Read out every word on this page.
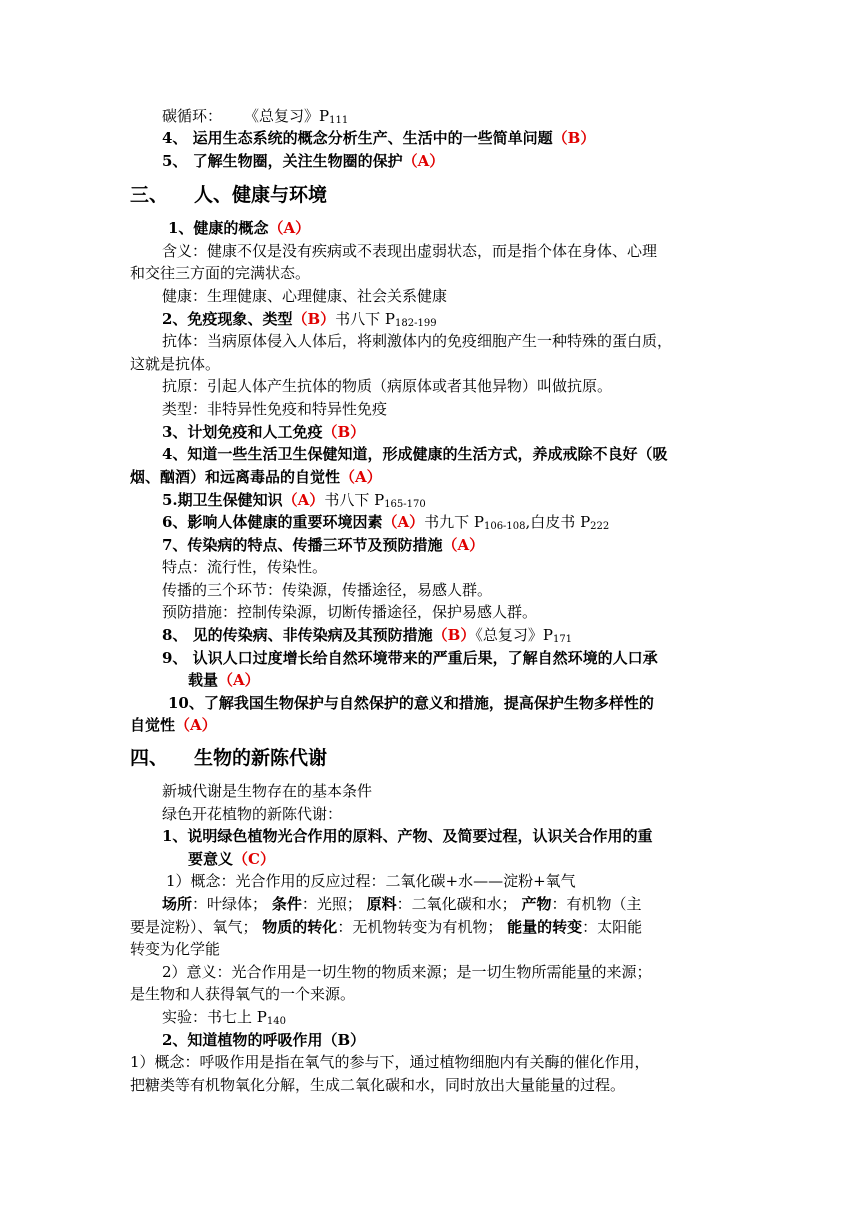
碳循环： 《总复习》$P_{111}$
4、 运用生态系统的概念分析生产、生活中的一些简单问题（B）
5、 了解生物圈，关注生物圈的保护（A）
三、 人、健康与环境
1、健康的概念（A）
含义：健康不仅是没有疾病或不表现出虚弱状态，而是指个体在身体、心理
和交往三方面的完满状态。
健康：生理健康、心理健康、社会关系健康
2、免疫现象、类型（B）书八下 $P_{182-199}$
抗体：当病原体侵入人体后，将刺激体内的免疫细胞产生一种特殊的蛋白质，
这就是抗体。
抗原：引起人体产生抗体的物质（病原体或者其他异物）叫做抗原。
类型：非特异性免疫和特异性免疫
3、计划免疫和人工免疫（B）
4、知道一些生活卫生保健知道，形成健康的生活方式，养成戒除不良好（吸
烟、酗酒）和远离毒品的自觉性（A）
5.期卫生保健知识（A）书八下 $P_{165-170}$
6、影响人体健康的重要环境因素（A）书九下 $P_{106-108}$,白皮书 $P_{222}$
7、传染病的特点、传播三环节及预防措施（A）
特点：流行性，传染性。
传播的三个环节：传染源，传播途径，易感人群。
预防措施：控制传染源，切断传播途径，保护易感人群。
8、 见的传染病、非传染病及其预防措施（B）《总复习》$P_{171}$
9、 认识人口过度增长给自然环境带来的严重后果，了解自然环境的人口承
载量（A）
10、了解我国生物保护与自然保护的意义和措施，提高保护生物多样性的
自觉性（A）
四、 生物的新陈代谢
新城代谢是生物存在的基本条件
绿色开花植物的新陈代谢：
1、说明绿色植物光合作用的原料、产物、及简要过程，认识关合作用的重
要意义（C）
1）概念：光合作用的反应过程：二氧化碳+水——淀粉+氧气
场所：叶绿体； 条件：光照； 原料：二氧化碳和水； 产物：有机物（主
要是淀粉）、氧气； 物质的转化：无机物转变为有机物； 能量的转变：太阳能
转变为化学能
2）意义：光合作用是一切生物的物质来源；是一切生物所需能量的来源；
是生物和人获得氧气的一个来源。
实验：书七上 $P_{140}$
2、知道植物的呼吸作用（B）
1）概念：呼吸作用是指在氧气的参与下，通过植物细胞内有关酶的催化作用，
把糖类等有机物氧化分解，生成二氧化碳和水，同时放出大量能量的过程。
